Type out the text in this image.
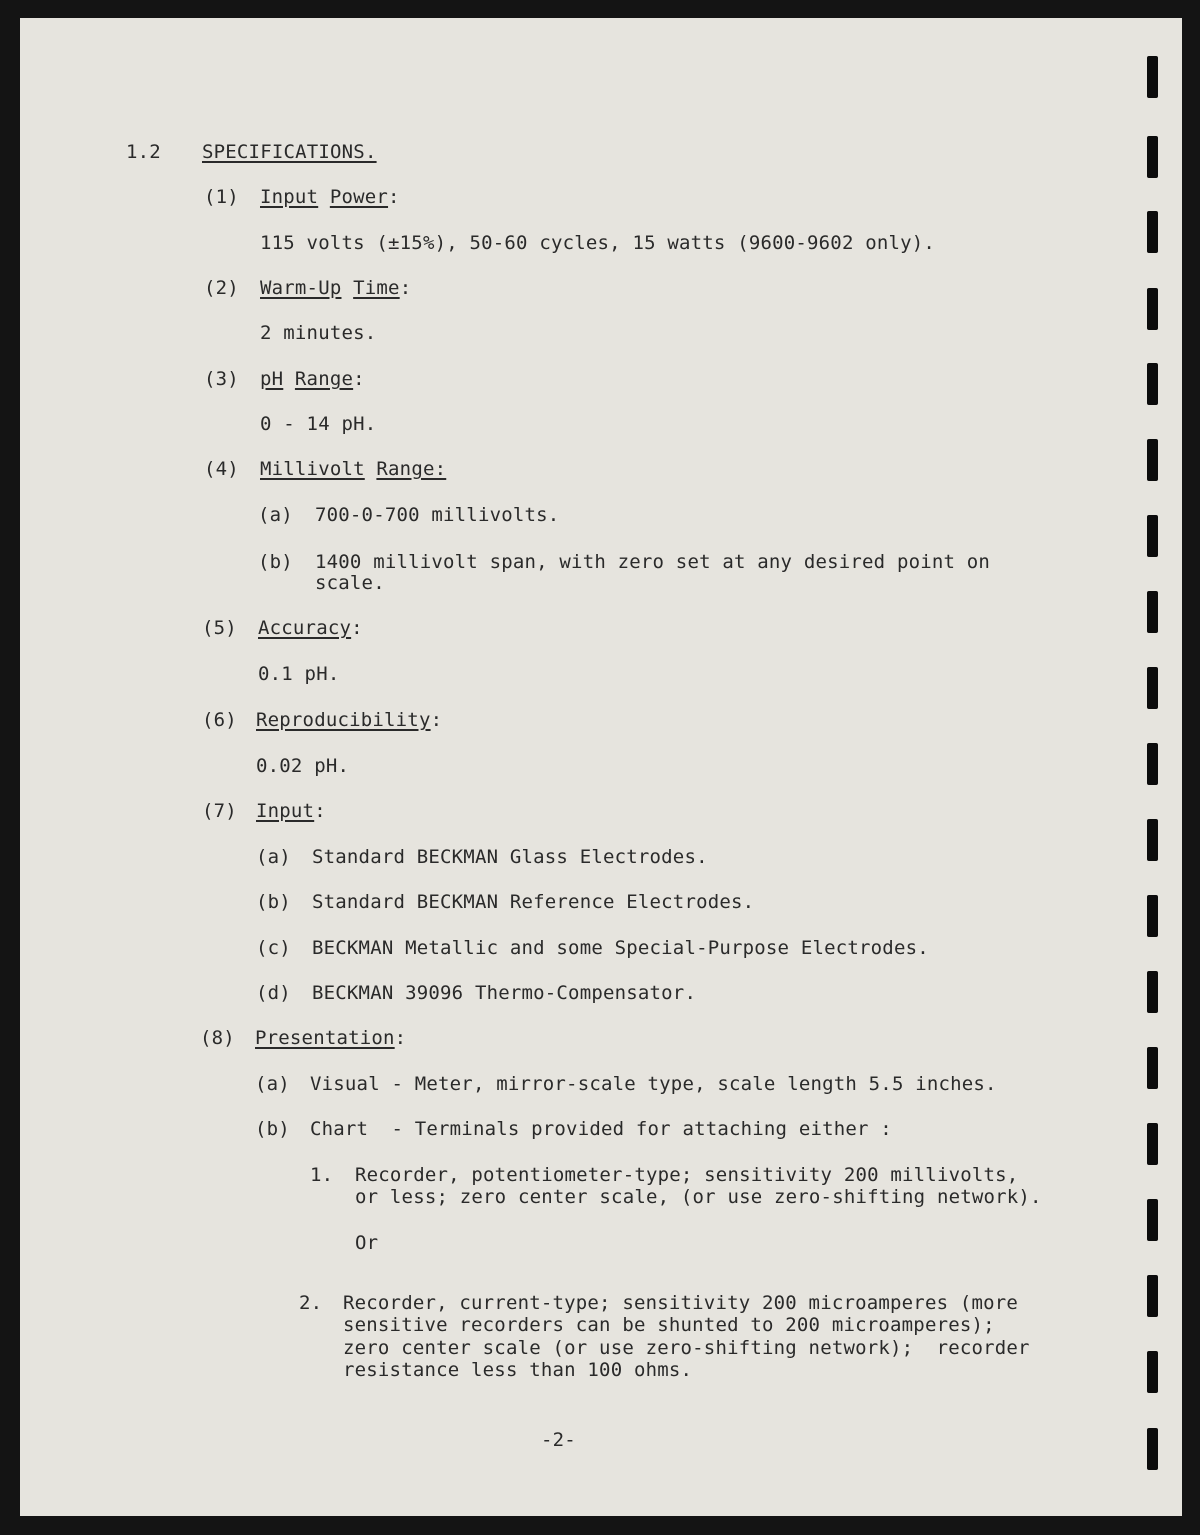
1.2 SPECIFICATIONS.
(1) Input Power:
115 volts (±15%), 50-60 cycles, 15 watts (9600-9602 only).
(2) Warm-Up Time:
2 minutes.
(3) pH Range:
0 - 14 pH.
(4) Millivolt Range:
(a) 700-0-700 millivolts.
(b) 1400 millivolt span, with zero set at any desired point on
scale.
(5) Accuracy:
0.1 pH.
(6) Reproducibility:
0.02 pH.
(7) Input:
(a) Standard BECKMAN Glass Electrodes.
(b) Standard BECKMAN Reference Electrodes.
(c) BECKMAN Metallic and some Special-Purpose Electrodes.
(d) BECKMAN 39096 Thermo-Compensator.
(8) Presentation:
(a) Visual - Meter, mirror-scale type, scale length 5.5 inches.
(b) Chart  - Terminals provided for attaching either :
1. Recorder, potentiometer-type; sensitivity 200 millivolts,
or less; zero center scale, (or use zero-shifting network).
Or
2. Recorder, current-type; sensitivity 200 microamperes (more
sensitive recorders can be shunted to 200 microamperes);
zero center scale (or use zero-shifting network);  recorder
resistance less than 100 ohms.
-2-
